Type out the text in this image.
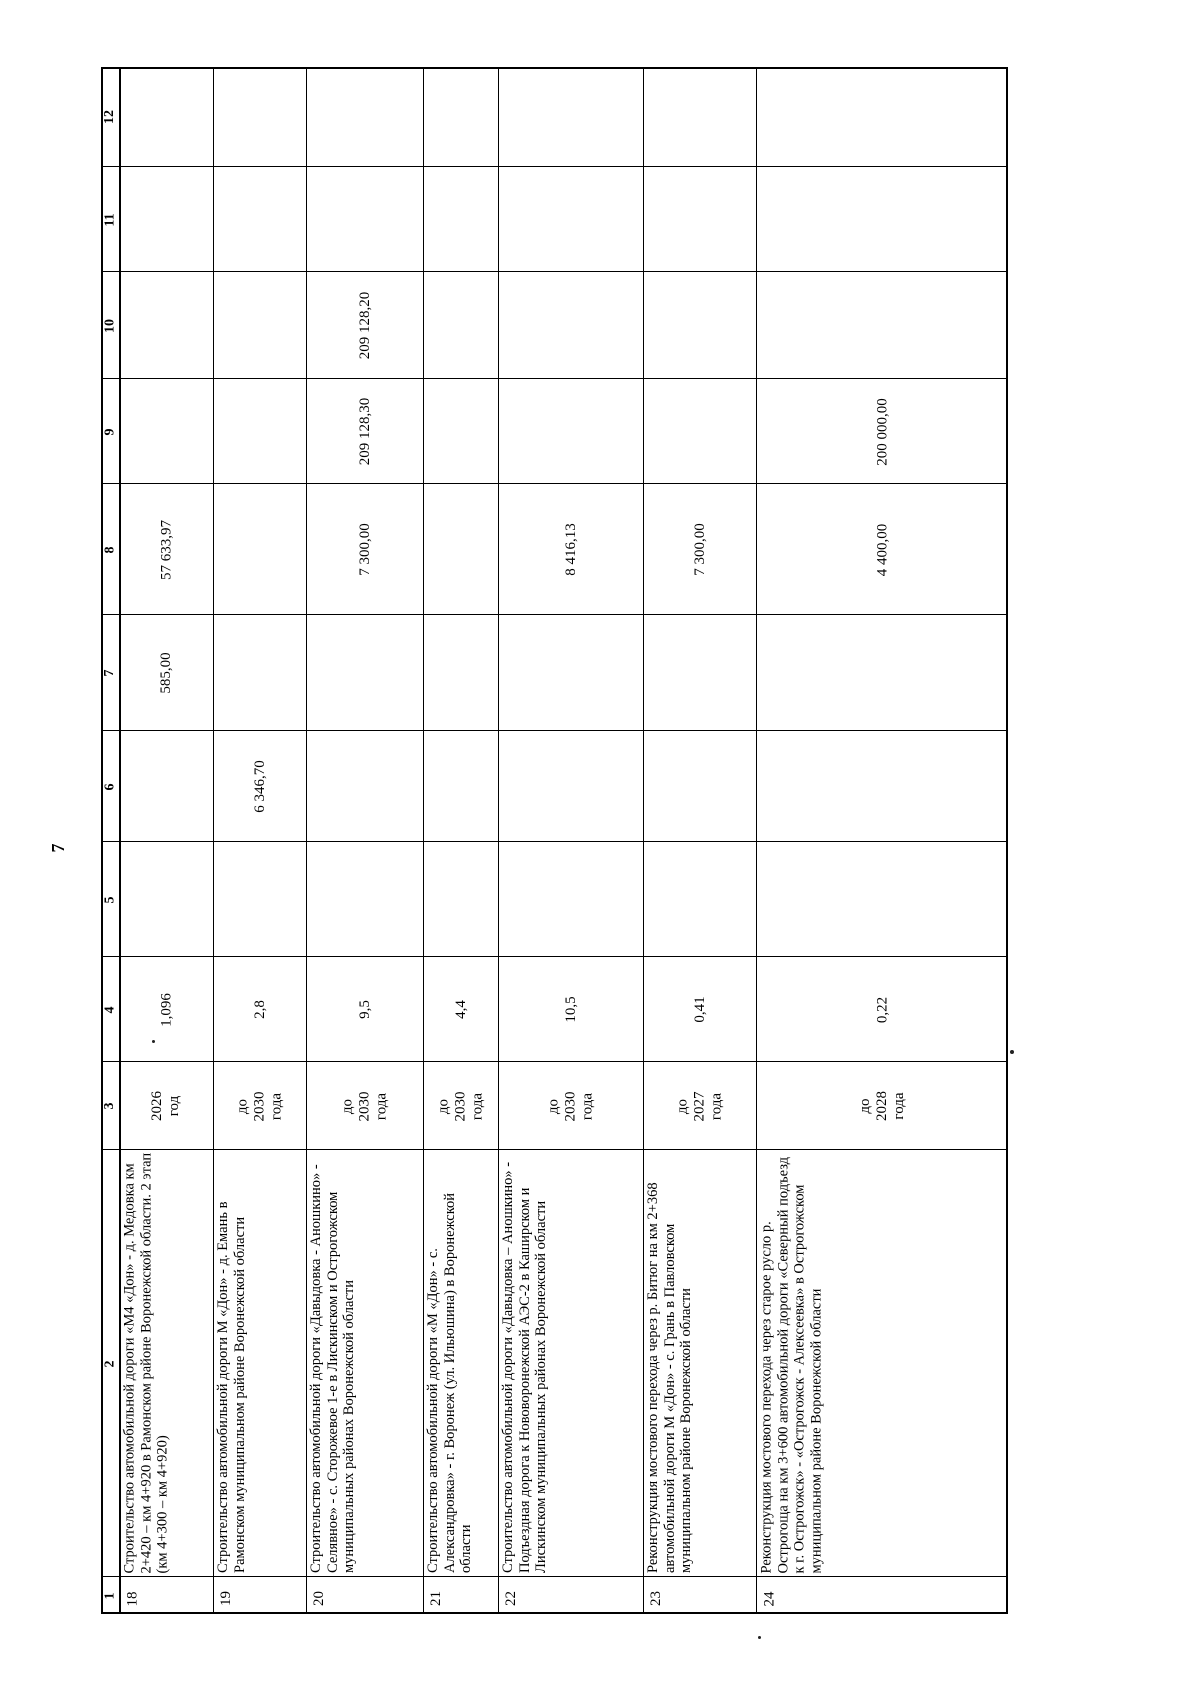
7
1
2
3
4
5
6
7
8
9
10
11
12
18
Строительство автомобильной дороги «М4 «Дон» - д. Медовка км 2+420 – км 4+920 в Рамонском районе Воронежской области. 2 этап (км 4+300 – км 4+920)
2026 год
1,096
585,00
57 633,97
19
Строительство автомобильной дороги М «Дон» - д. Емань в Рамонском муниципальном районе Воронежской области
до 2030 года
2,8
6 346,70
20
Строительство автомобильной дороги «Давыдовка - Аношкино» - Селявное» - с. Сторожевое 1-е в Лискинском и Острогожском муниципальных районах Воронежской области
до 2030 года
9,5
7 300,00
209 128,30
209 128,20
21
Строительство автомобильной дороги «М «Дон» - с. Александровка» - г. Воронеж (ул. Ильюшина) в Воронежской области
до 2030 года
4,4
22
Строительство автомобильной дороги «Давыдовка – Аношкино» - Подъездная дорога к Нововоронежской АЭС-2 в Каширском и Лискинском муниципальных районах Воронежской области
до 2030 года
10,5
8 416,13
23
Реконструкция мостового перехода через р. Битюг на км 2+368 автомобильной дороги М «Дон» - с. Грань в Павловском муниципальном районе Воронежской области
до 2027 года
0,41
7 300,00
24
Реконструкция мостового перехода через старое русло р. Острогоща на км 3+600 автомобильной дороги «Северный подъезд к г. Острогожск» - «Острогожск - Алексеевка» в Острогожском муниципальном районе Воронежской области
до 2028 года
0,22
4 400,00
200 000,00
